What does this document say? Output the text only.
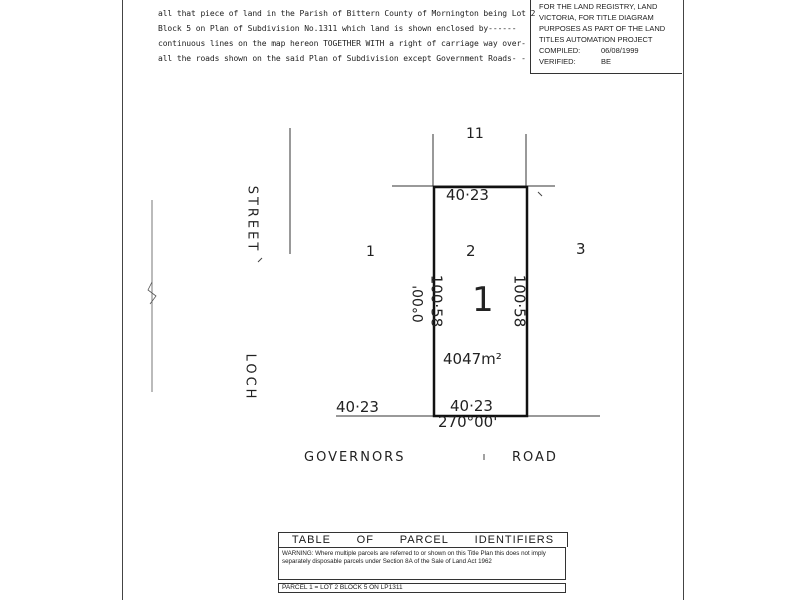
all that piece of land in the Parish of Bittern County of Mornington being Lot 2
Block 5 on Plan of Subdivision No.1311 which land is shown enclosed by------
continuous lines on the map hereon TOGETHER WITH a right of carriage way over-
all the roads shown on the said Plan of Subdivision except Government Roads- -
FOR THE LAND REGISTRY, LAND
VICTORIA, FOR TITLE DIAGRAM
PURPOSES AS PART OF THE LAND
TITLES AUTOMATION PROJECT
COMPILED:	06/08/1999
VERIFIED:	BE
11
1	2	3
1
40·23
40·23
40·23
100·58	100·58
0°00'
270°00'
4047m²
STREET
LOCH
GOVERNORS	ROAD
TABLE OF PARCEL IDENTIFIERS
WARNING: Where multiple parcels are referred to or shown on this Title Plan this does not imply separately disposable parcels under Section 8A of the Sale of Land Act 1962
PARCEL 1 = LOT 2 BLOCK 5 ON LP1311
